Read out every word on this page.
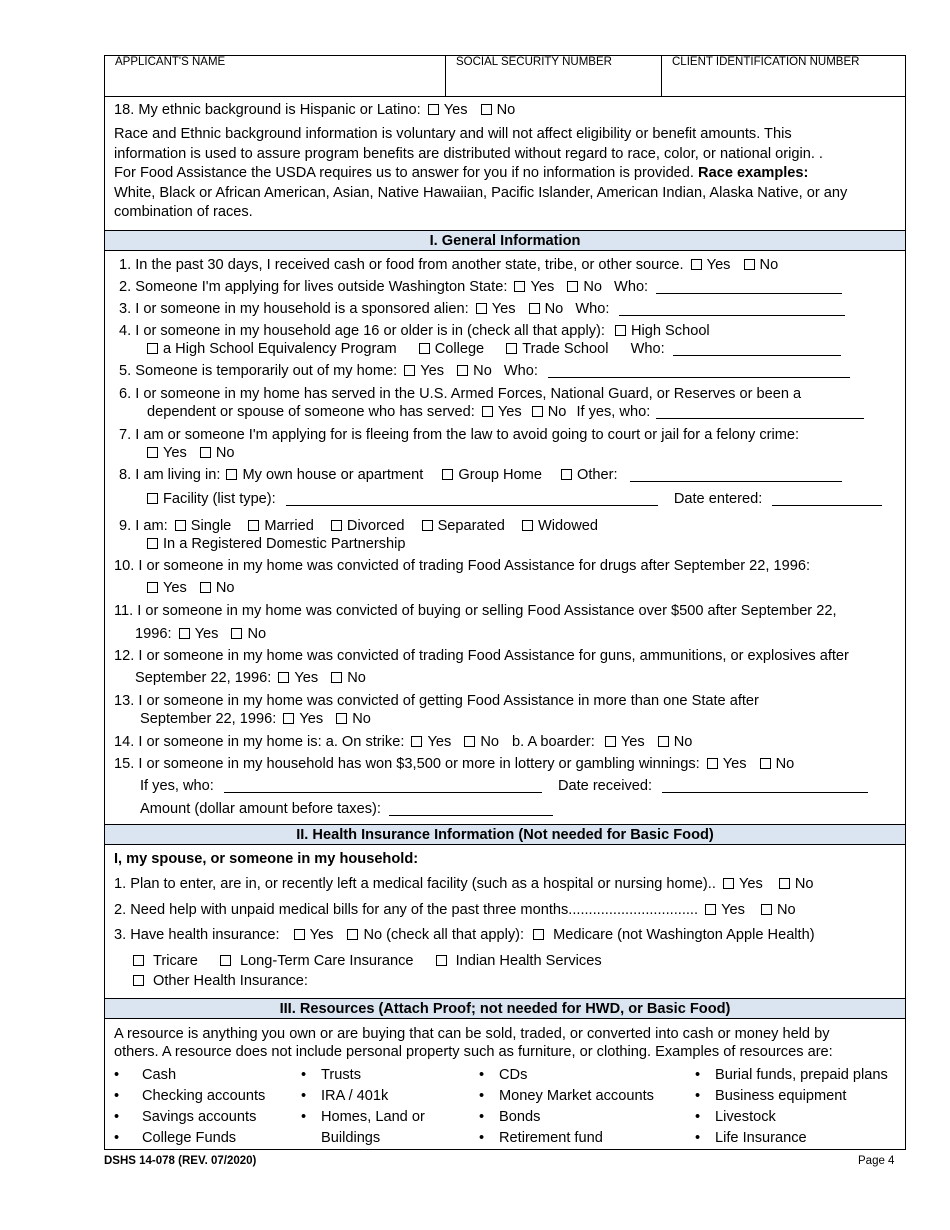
APPLICANT'S NAME	SOCIAL SECURITY NUMBER	CLIENT IDENTIFICATION NUMBER
18. My ethnic background is Hispanic or Latino: Yes No
Race and Ethnic background information is voluntary and will not affect eligibility or benefit amounts. This
information is used to assure program benefits are distributed without regard to race, color, or national origin. .
For Food Assistance the USDA requires us to answer for you if no information is provided. Race examples:
White, Black or African American, Asian, Native Hawaiian, Pacific Islander, American Indian, Alaska Native, or any
combination of races.
I. General Information
1. In the past 30 days, I received cash or food from another state, tribe, or other source. Yes No
2. Someone I'm applying for lives outside Washington State: Yes No Who:
3. I or someone in my household is a sponsored alien: Yes No Who:
4. I or someone in my household age 16 or older is in (check all that apply): High School
a High School Equivalency Program	College	Trade School Who:
5. Someone is temporarily out of my home: Yes No Who:
6. I or someone in my home has served in the U.S. Armed Forces, National Guard, or Reserves or been a
dependent or spouse of someone who has served: Yes No If yes, who:
7. I am or someone I'm applying for is fleeing from the law to avoid going to court or jail for a felony crime:
Yes No
8. I am living in: My own house or apartment Group Home Other:
Facility (list type):	Date entered:
9. I am: Single Married Divorced Separated Widowed
In a Registered Domestic Partnership
10. I or someone in my home was convicted of trading Food Assistance for drugs after September 22, 1996:
Yes No
11. I or someone in my home was convicted of buying or selling Food Assistance over $500 after September 22,
1996: Yes No
12. I or someone in my home was convicted of trading Food Assistance for guns, ammunitions, or explosives after
September 22, 1996: Yes No
13. I or someone in my home was convicted of getting Food Assistance in more than one State after
September 22, 1996: Yes No
14. I or someone in my home is: a. On strike: Yes No b. A boarder: Yes No
15. I or someone in my household has won $3,500 or more in lottery or gambling winnings: Yes No
If yes, who:	Date received:
Amount (dollar amount before taxes):
II. Health Insurance Information (Not needed for Basic Food)
I, my spouse, or someone in my household:
1. Plan to enter, are in, or recently left a medical facility (such as a hospital or nursing home).. Yes No
2. Need help with unpaid medical bills for any of the past three months................................ Yes No
3. Have health insurance: Yes No (check all that apply): Medicare (not Washington Apple Health)
Tricare	Long-Term Care Insurance	Indian Health Services
Other Health Insurance:
III. Resources (Attach Proof; not needed for HWD, or Basic Food)
A resource is anything you own or are buying that can be sold, traded, or converted into cash or money held by
others. A resource does not include personal property such as furniture, or clothing. Examples of resources are:
• Cash
• Checking accounts
• Savings accounts
• College Funds
• Trusts
• IRA / 401k
• Homes, Land or
Buildings
• CDs
• Money Market accounts
• Bonds
• Retirement fund
• Burial funds, prepaid plans
• Business equipment
• Livestock
• Life Insurance
DSHS 14-078 (REV. 07/2020)	Page 4
